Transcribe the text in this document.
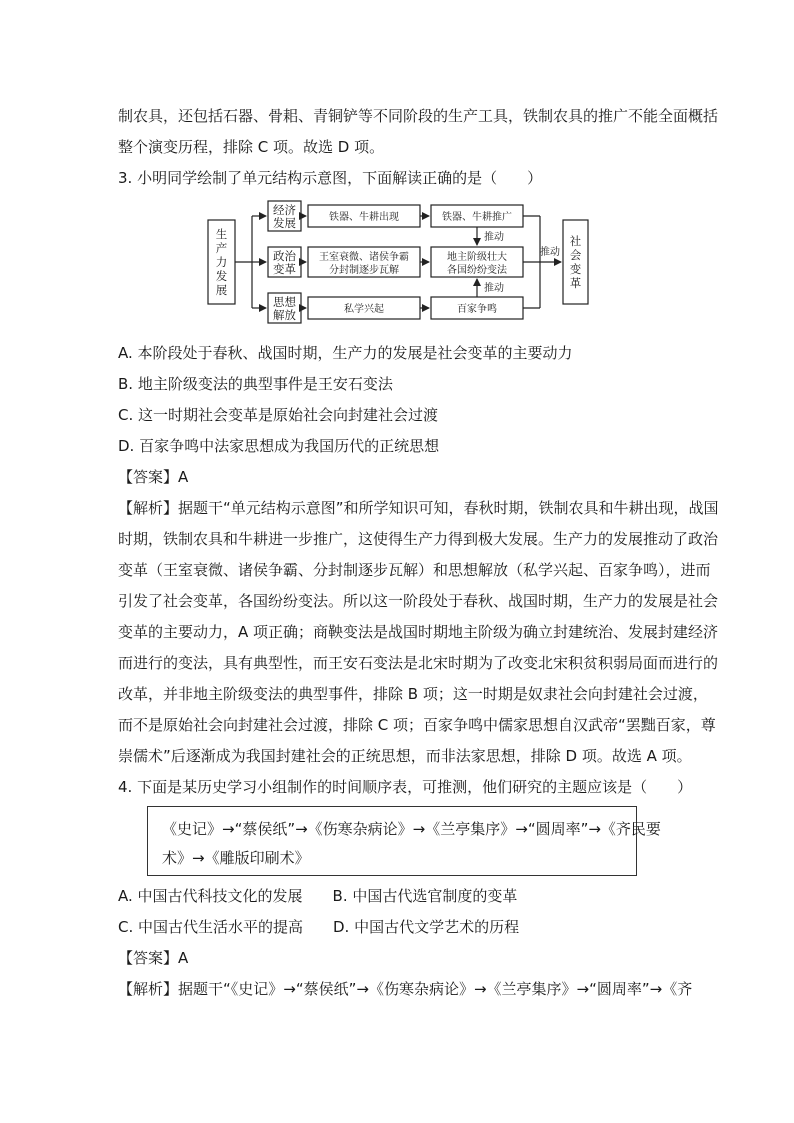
制农具，还包括石器、骨耜、青铜铲等不同阶段的生产工具，铁制农具的推广不能全面概括
整个演变历程，排除 C 项。故选 D 项。
3. 小明同学绘制了单元结构示意图，下面解读正确的是（　　）
生
产
力
发
展
经济
发展
政治
变革
思想
解放
铁器、牛耕出现
王室衰微、诸侯争霸
分封制逐步瓦解
私学兴起
铁器、牛耕推广
地主阶级壮大
各国纷纷变法
百家争鸣
推动
推动
推动
社
会
变
革
A. 本阶段处于春秋、战国时期，生产力的发展是社会变革的主要动力
B. 地主阶级变法的典型事件是王安石变法
C. 这一时期社会变革是原始社会向封建社会过渡
D. 百家争鸣中法家思想成为我国历代的正统思想
【答案】A
【解析】据题干“单元结构示意图”和所学知识可知，春秋时期，铁制农具和牛耕出现，战国
时期，铁制农具和牛耕进一步推广，这使得生产力得到极大发展。生产力的发展推动了政治
变革（王室衰微、诸侯争霸、分封制逐步瓦解）和思想解放（私学兴起、百家争鸣），进而
引发了社会变革，各国纷纷变法。所以这一阶段处于春秋、战国时期，生产力的发展是社会
变革的主要动力，A 项正确；商鞅变法是战国时期地主阶级为确立封建统治、发展封建经济
而进行的变法，具有典型性，而王安石变法是北宋时期为了改变北宋积贫积弱局面而进行的
改革，并非地主阶级变法的典型事件，排除 B 项；这一时期是奴隶社会向封建社会过渡，
而不是原始社会向封建社会过渡，排除 C 项；百家争鸣中儒家思想自汉武帝“罢黜百家，尊
崇儒术”后逐渐成为我国封建社会的正统思想，而非法家思想，排除 D 项。故选 A 项。
4. 下面是某历史学习小组制作的时间顺序表，可推测，他们研究的主题应该是（　　）
《史记》→“蔡侯纸”→《伤寒杂病论》→《兰亭集序》→“圆周率”→《齐民要
术》→《雕版印刷术》
A. 中国古代科技文化的发展　　B. 中国古代选官制度的变革
C. 中国古代生活水平的提高　　D. 中国古代文学艺术的历程
【答案】A
【解析】据题干“《史记》→“蔡侯纸”→《伤寒杂病论》→《兰亭集序》→“圆周率”→《齐
